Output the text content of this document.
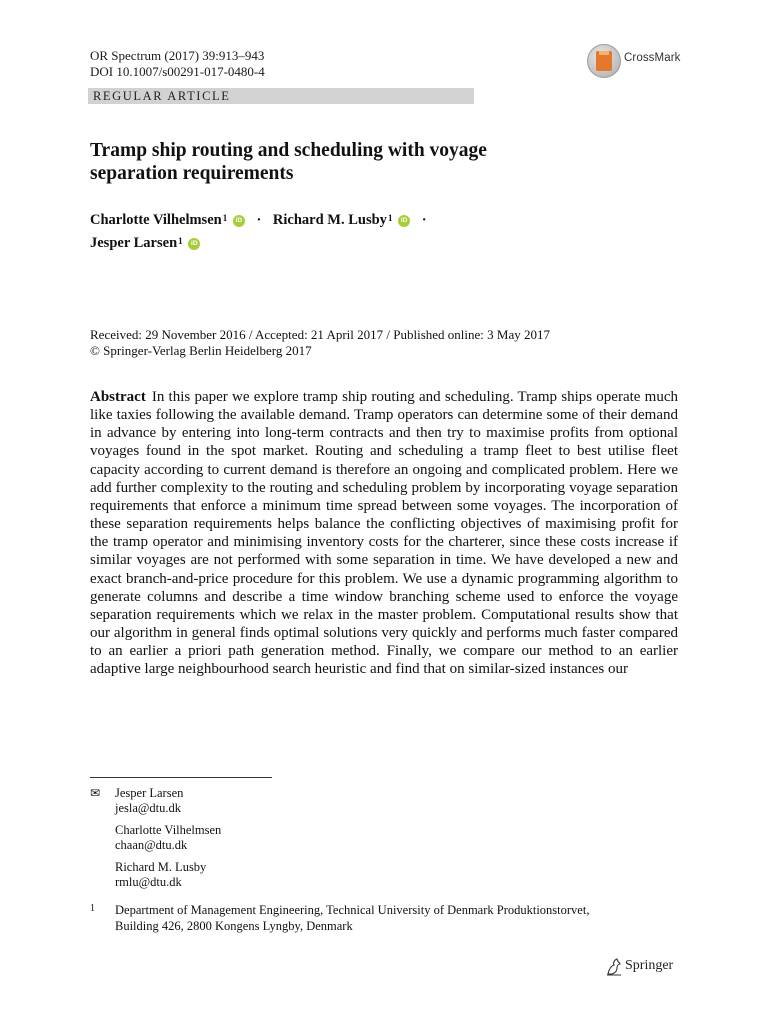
OR Spectrum (2017) 39:913–943
DOI 10.1007/s00291-017-0480-4
CrossMark
REGULAR ARTICLE
Tramp ship routing and scheduling with voyage
separation requirements
Charlotte Vilhelmsen$^1$ iD · Richard M. Lusby$^1$ iD ·
Jesper Larsen$^1$ iD
Received: 29 November 2016 / Accepted: 21 April 2017 / Published online: 3 May 2017
© Springer-Verlag Berlin Heidelberg 2017
Abstract In this paper we explore tramp ship routing and scheduling. Tramp ships operate much like taxies following the available demand. Tramp operators can determine some of their demand in advance by entering into long-term contracts and then try to maximise profits from optional voyages found in the spot market. Routing and scheduling a tramp fleet to best utilise fleet capacity according to current demand is therefore an ongoing and complicated problem. Here we add further complexity to the routing and scheduling problem by incorporating voyage separation requirements that enforce a minimum time spread between some voyages. The incorporation of these separation requirements helps balance the conflicting objectives of maximising profit for the tramp operator and minimising inventory costs for the charterer, since these costs increase if similar voyages are not performed with some separation in time. We have developed a new and exact branch-and-price procedure for this problem. We use a dynamic programming algorithm to generate columns and describe a time window branching scheme used to enforce the voyage separation requirements which we relax in the master problem. Computational results show that our algorithm in general finds optimal solutions very quickly and performs much faster compared to an earlier a priori path generation method. Finally, we compare our method to an earlier adaptive large neighbourhood search heuristic and find that on similar-sized instances our
✉ Jesper Larsen
jesla@dtu.dk
Charlotte Vilhelmsen
chaan@dtu.dk
Richard M. Lusby
rmlu@dtu.dk
1 Department of Management Engineering, Technical University of Denmark Produktionstorvet,
Building 426, 2800 Kongens Lyngby, Denmark
Springer
